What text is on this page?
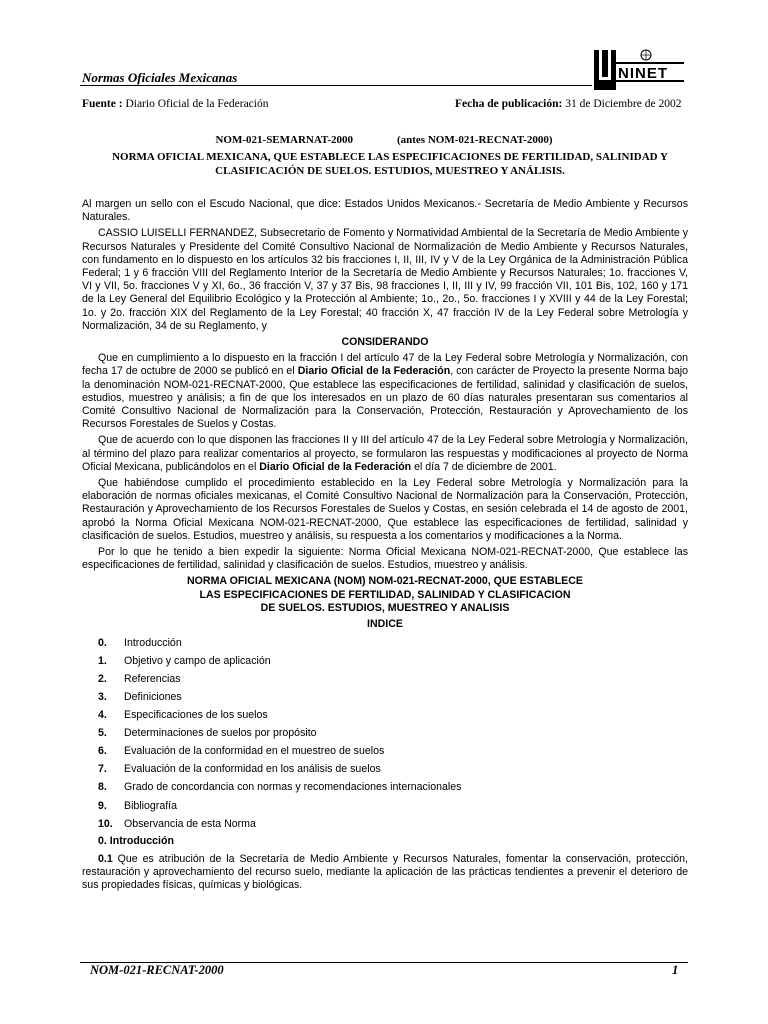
Normas Oficiales Mexicanas	NINET
Fuente : Diario Oficial de la Federación	Fecha de publicación: 31 de Diciembre de 2002
NOM-021-SEMARNAT-2000	(antes NOM-021-RECNAT-2000)
NORMA OFICIAL MEXICANA, QUE ESTABLECE LAS ESPECIFICACIONES DE FERTILIDAD, SALINIDAD Y CLASIFICACIÓN DE SUELOS. ESTUDIOS, MUESTREO Y ANÁLISIS.

Al margen un sello con el Escudo Nacional, que dice: Estados Unidos Mexicanos.- Secretaría de Medio Ambiente y Recursos Naturales.

CASSIO LUISELLI FERNANDEZ, Subsecretario de Fomento y Normatividad Ambiental de la Secretaría de Medio Ambiente y Recursos Naturales y Presidente del Comité Consultivo Nacional de Normalización de Medio Ambiente y Recursos Naturales, con fundamento en lo dispuesto en los artículos 32 bis fracciones I, II, III, IV y V de la Ley Orgánica de la Administración Pública Federal; 1 y 6 fracción VIII del Reglamento Interior de la Secretaría de Medio Ambiente y Recursos Naturales; 1o. fracciones V, VI y VII, 5o. fracciones V y XI, 6o., 36 fracción V, 37 y 37 Bis, 98 fracciones I, II, III y IV, 99 fracción VII, 101 Bis, 102, 160 y 171 de la Ley General del Equilibrio Ecológico y la Protección al Ambiente; 1o., 2o., 5o. fracciones I y XVIII y 44 de la Ley Forestal; 1o. y 2o. fracción XIX del Reglamento de la Ley Forestal; 40 fracción X, 47 fracción IV de la Ley Federal sobre Metrología y Normalización, 34 de su Reglamento, y

CONSIDERANDO

Que en cumplimiento a lo dispuesto en la fracción I del artículo 47 de la Ley Federal sobre Metrología y Normalización, con fecha 17 de octubre de 2000 se publicó en el Diario Oficial de la Federación, con carácter de Proyecto la presente Norma bajo la denominación NOM-021-RECNAT-2000, Que establece las especificaciones de fertilidad, salinidad y clasificación de suelos, estudios, muestreo y análisis; a fin de que los interesados en un plazo de 60 días naturales presentaran sus comentarios al Comité Consultivo Nacional de Normalización para la Conservación, Protección, Restauración y Aprovechamiento de los Recursos Forestales de Suelos y Costas.

Que de acuerdo con lo que disponen las fracciones II y III del artículo 47 de la Ley Federal sobre Metrología y Normalización, al término del plazo para realizar comentarios al proyecto, se formularon las respuestas y modificaciones al proyecto de Norma Oficial Mexicana, publicándolos en el Diario Oficial de la Federación el día 7 de diciembre de 2001.

Que habiéndose cumplido el procedimiento establecido en la Ley Federal sobre Metrología y Normalización para la elaboración de normas oficiales mexicanas, el Comité Consultivo Nacional de Normalización para la Conservación, Protección, Restauración y Aprovechamiento de los Recursos Forestales de Suelos y Costas, en sesión celebrada el 14 de agosto de 2001, aprobó la Norma Oficial Mexicana NOM-021-RECNAT-2000, Que establece las especificaciones de fertilidad, salinidad y clasificación de suelos. Estudios, muestreo y análisis, su respuesta a los comentarios y modificaciones a la Norma.

Por lo que he tenido a bien expedir la siguiente: Norma Oficial Mexicana NOM-021-RECNAT-2000, Que establece las especificaciones de fertilidad, salinidad y clasificación de suelos. Estudios, muestreo y análisis.

NORMA OFICIAL MEXICANA (NOM) NOM-021-RECNAT-2000, QUE ESTABLECE

LAS ESPECIFICACIONES DE FERTILIDAD, SALINIDAD Y CLASIFICACION

DE SUELOS. ESTUDIOS, MUESTREO Y ANALISIS

INDICE

0.	Introducción
1.	Objetivo y campo de aplicación
2.	Referencias
3.	Definiciones
4.	Especificaciones de los suelos
5.	Determinaciones de suelos por propósito
6.	Evaluación de la conformidad en el muestreo de suelos
7.	Evaluación de la conformidad en los análisis de suelos
8.	Grado de concordancia con normas y recomendaciones internacionales
9.	Bibliografía
10.	Observancia de esta Norma

0. Introducción

0.1 Que es atribución de la Secretaría de Medio Ambiente y Recursos Naturales, fomentar la conservación, protección, restauración y aprovechamiento del recurso suelo, mediante la aplicación de las prácticas tendientes a prevenir el deterioro de sus propiedades físicas, químicas y biológicas.

NOM-021-RECNAT-2000	1
